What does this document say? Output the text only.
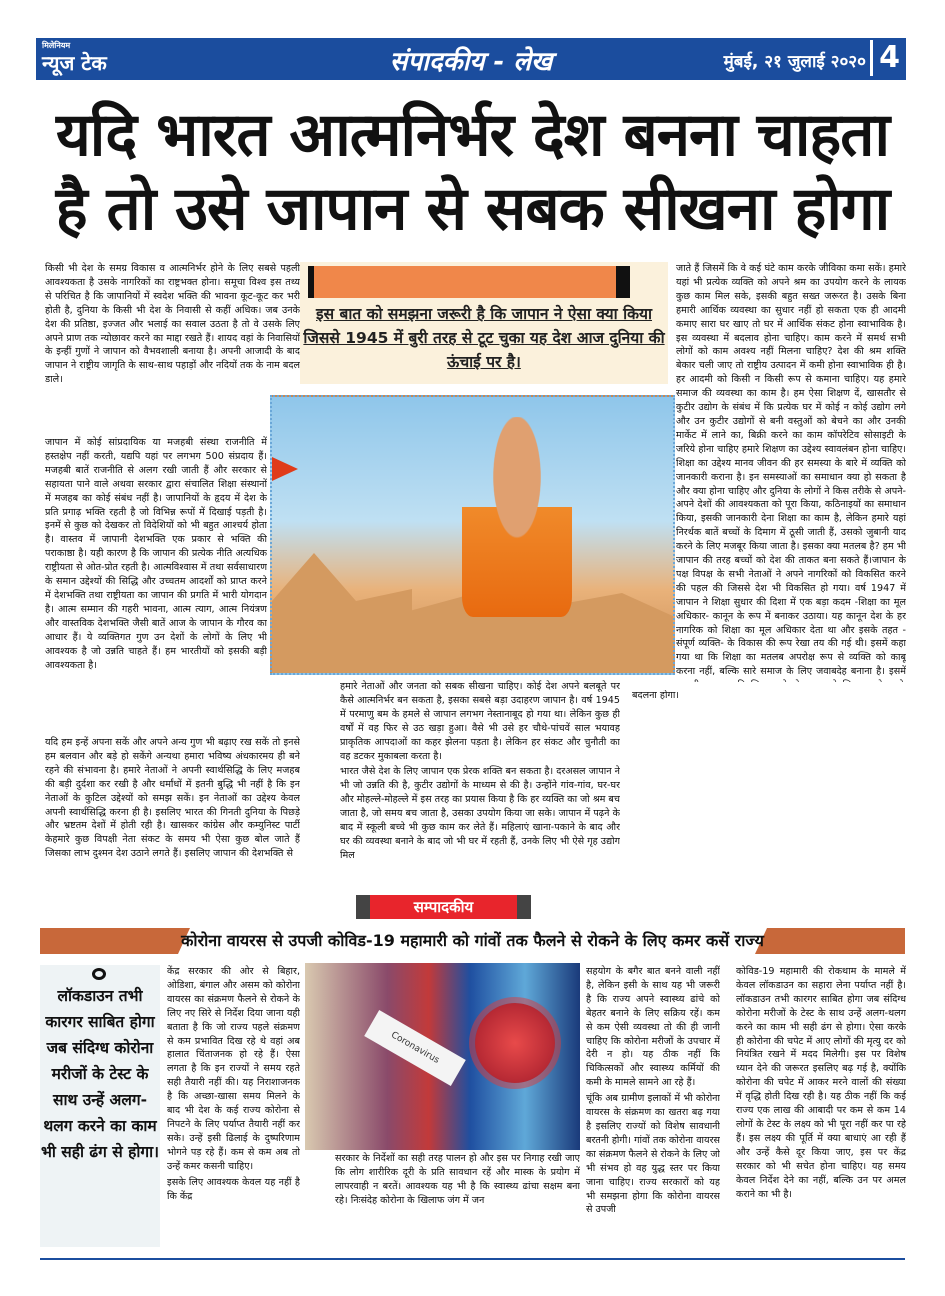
मिलेनियम
न्यूज टेक	संपादकीय - लेख	मुंबई, २१ जुलाई २०२० 4
यदि भारत आत्मनिर्भर देश बनना चाहता
है तो उसे जापान से सबक सीखना होगा

किसी भी देश के समग्र विकास व आत्मनिर्भर होने के लिए सबसे पहली आवश्यकता है उसके नागरिकों का राष्ट्रभक्त होना। समूचा विश्व इस तथ्य से परिचित है कि जापानियों में स्वदेश भक्ति की भावना कूट-कूट कर भरी होती है, दुनिया के किसी भी देश के निवासी से कहीं अधिक। जब उनके देश की प्रतिष्ठा, इज्जत और भलाई का सवाल उठता है तो वे उसके लिए अपने प्राण तक न्योछावर करने का माद्दा रखते हैं। शायद वहां के निवासियों के इन्हीं गुणों ने जापान को वैभवशाली बनाया है। अपनी आजादी के बाद जापान ने राष्ट्रीय जागृति के साथ-साथ पहाड़ों और नदियों तक के नाम बदल डाले।

जापान में कोई सांप्रदायिक या मजहबी संस्था राजनीति में हस्तक्षेप नहीं करती, यद्यपि यहां पर लगभग 500 संप्रदाय हैं। मजहबी बातें राजनीति से अलग रखी जाती हैं और सरकार से सहायता पाने वाले अथवा सरकार द्वारा संचालित शिक्षा संस्थानों में मजहब का कोई संबंध नहीं है। जापानियों के हृदय में देश के प्रति प्रगाढ़ भक्ति रहती है जो विभिन्न रूपों में दिखाई पड़ती है। इनमें से कुछ को देखकर तो विदेशियों को भी बहुत आश्चर्य होता है। वास्तव में जापानी देशभक्ति एक प्रकार से भक्ति की पराकाष्ठा है। यही कारण है कि जापान की प्रत्येक नीति अत्यधिक राष्ट्रीयता से ओत-प्रोत रहती है। आत्मविश्वास में तथा सर्वसाधारण के समान उद्देश्यों की सिद्धि और उच्चतम आदर्शों को प्राप्त करने में देशभक्ति तथा राष्ट्रीयता का जापान की प्रगति में भारी योगदान है। आत्म सम्मान की गहरी भावना, आत्म त्याग, आत्म नियंत्रण और वास्तविक देशभक्ति जैसी बातें आज के जापान के गौरव का आधार हैं। ये व्यक्तिगत गुण उन देशों के लोगों के लिए भी आवश्यक है जो उन्नति चाहते हैं। हम भारतीयों को इसकी बड़ी आवश्यकता है।

यदि हम इन्हें अपना सकें और अपने अन्य गुण भी बढ़ाए रख सकें तो इनसे हम बलवान और बड़े हो सकेंगे अन्यथा हमारा भविष्य अंधकारमय ही बने रहने की संभावना है। हमारे नेताओं ने अपनी स्वार्थसिद्धि के लिए मजहब की बड़ी दुर्दशा कर रखी है और धर्मांधों में इतनी बुद्धि भी नहीं है कि इन नेताओं के कुटिल उद्देश्यों को समझ सकें। इन नेताओं का उद्देश्य केवल अपनी स्वार्थसिद्धि करना ही है। इसलिए भारत की गिनती दुनिया के पिछड़े और भ्रष्टतम देशों में होती रही है। खासकर कांग्रेस और कम्युनिस्ट पार्टी केहमारे कुछ विपक्षी नेता संकट के समय भी ऐसा कुछ बोल जाते हैं जिसका लाभ दुश्मन देश उठाने लगते हैं। इसलिए जापान की देशभक्ति से

इस बात को समझना जरूरी है कि जापान ने ऐसा क्या किया जिससे 1945 में बुरी तरह से टूट चुका यह देश आज दुनिया की ऊंचाई पर है।

हमारे नेताओं और जनता को सबक सीखना चाहिए। कोई देश अपने बलबूते पर कैसे आत्मनिर्भर बन सकता है, इसका सबसे बड़ा उदाहरण जापान है। वर्ष 1945 में परमाणु बम के हमले से जापान लगभग नेस्तानाबूद हो गया था। लेकिन कुछ ही वर्षों में वह फिर से उठ खड़ा हुआ। वैसे भी उसे हर चौथे-पांचवें साल भयावह प्राकृतिक आपदाओं का कहर झेलना पड़ता है। लेकिन हर संकट और चुनौती का वह डटकर मुकाबला करता है।

भारत जैसे देश के लिए जापान एक प्रेरक शक्ति बन सकता है। दरअसल जापान ने भी जो उन्नति की है, कुटीर उद्योगों के माध्यम से की है। उन्होंने गांव-गांव, घर-घर और मोहल्ले-मोहल्ले में इस तरह का प्रयास किया है कि हर व्यक्ति का जो श्रम बच जाता है, जो समय बच जाता है, उसका उपयोग किया जा सके। जापान में पढ़ने के बाद में स्कूली बच्चे भी कुछ काम कर लेते हैं। महिलाएं खाना-पकाने के बाद और घर की व्यवस्था बनाने के बाद जो भी घर में रहती हैं, उनके लिए भी ऐसे गृह उद्योग मिल

जाते हैं जिसमें कि वे कई घंटे काम करके जीविका कमा सकें। हमारे यहां भी प्रत्येक व्यक्ति को अपने श्रम का उपयोग करने के लायक कुछ काम मिल सके, इसकी बहुत सख्त जरूरत है। उसके बिना हमारी आर्थिक व्यवस्था का सुधार नहीं हो सकता एक ही आदमी कमाए सारा घर खाए तो घर में आर्थिक संकट होना स्वाभाविक है। इस व्यवस्था में बदलाव होना चाहिए। काम करने में समर्थ सभी लोगों को काम अवश्य नहीं मिलना चाहिए? देश की श्रम शक्ति बेकार चली जाए तो राष्ट्रीय उत्पादन में कमी होना स्वाभाविक ही है। हर आदमी को किसी न किसी रूप से कमाना चाहिए। यह हमारे समाज की व्यवस्था का काम है। हम ऐसा शिक्षण दें, खासतौर से कुटीर उद्योग के संबंध में कि प्रत्येक घर में कोई न कोई उद्योग लगे और उन कुटीर उद्योगों से बनी वस्तुओं को बेचने का और उनकी मार्केट में लाने का, बिक्री करने का काम कॉपरेटिव सोसाइटी के जरिये होना चाहिए हमारे शिक्षण का उद्देश्य स्वावलंबन होना चाहिए। शिक्षा का उद्देश्य मानव जीवन की हर समस्या के बारे में व्यक्ति को जानकारी कराना है। इन समस्याओं का समाधान क्या हो सकता है और क्या होना चाहिए और दुनिया के लोगों ने किस तरीके से अपने-अपने देशों की आवश्यकता को पूरा किया, कठिनाइयों का समाधान किया, इसकी जानकारी देना शिक्षा का काम है, लेकिन हमारे यहां निरर्थक बातें बच्चों के दिमाग में ठूसी जाती हैं, उसको जुबानी याद करने के लिए मजबूर किया जाता है। इसका क्या मतलब है? हम भी जापान की तरह बच्चों को देश की ताकत बना सकते हैं।जापान के पक्ष विपक्ष के सभी नेताओं ने अपने नागरिकों को विकसित करने की पहल की जिससे देश भी विकसित हो गया। वर्ष 1947 में जापान ने शिक्षा सुधार की दिशा में एक बड़ा कदम -शिक्षा का मूल अधिकार- कानून के रूप में बनाकर उठाया। यह कानून देश के हर नागरिक को शिक्षा का मूल अधिकार देता था और इसके तहत - संपूर्ण व्यक्ति- के विकास की रूप रेखा तय की गई थी। इसमें कहा गया था कि शिक्षा का मतलब अपरोक्ष रूप से व्यक्ति को काबू करना नहीं, बल्कि सारे समाज के लिए जवाबदेह बनाना है। इसमें

बदलना होगा।

सम्पादकीय
कोरोना वायरस से उपजी कोविड-19 महामारी को गांवों तक फैलने से रोकने के लिए कमर कसें राज्य
लॉकडाउन तभी कारगर साबित होगा जब संदिग्ध कोरोना मरीजों के टेस्ट के साथ उन्हें अलग-थलग करने का काम भी सही ढंग से होगा।

केंद्र सरकार की ओर से बिहार, ओडिशा, बंगाल और असम को कोरोना वायरस का संक्रमण फैलने से रोकने के लिए नए सिरे से निर्देश दिया जाना यही बताता है कि जो राज्य पहले संक्रमण से कम प्रभावित दिख रहे थे वहां अब हालात चिंताजनक हो रहे हैं। ऐसा लगता है कि इन राज्यों ने समय रहते सही तैयारी नहीं की। यह निराशाजनक है कि अच्छा-खासा समय मिलने के बाद भी देश के कई राज्य कोरोना से निपटने के लिए पर्याप्त तैयारी नहीं कर सके। उन्हें इसी ढिलाई के दुष्परिणाम भोगने पड़ रहे हैं। कम से कम अब तो उन्हें कमर कसनी चाहिए।

इसके लिए आवश्यक केवल यह नहीं है कि केंद्र

Coronavirus

सरकार के निर्देशों का सही तरह पालन हो और इस पर निगाह रखी जाए कि लोग शारीरिक दूरी के प्रति सावधान रहें और मास्क के प्रयोग में लापरवाही न बरतें। आवश्यक यह भी है कि स्वास्थ्य ढांचा सक्षम बना रहे। निःसंदेह कोरोना के खिलाफ जंग में जन

सहयोग के बगैर बात बनने वाली नहीं है, लेकिन इसी के साथ यह भी जरूरी है कि राज्य अपने स्वास्थ्य ढांचे को बेहतर बनाने के लिए सक्रिय रहें। कम से कम ऐसी व्यवस्था तो की ही जानी चाहिए कि कोरोना मरीजों के उपचार में देरी न हो। यह ठीक नहीं कि चिकित्सकों और स्वास्थ्य कर्मियों की कमी के मामले सामने आ रहे हैं।

चूंकि अब ग्रामीण इलाकों में भी कोरोना वायरस के संक्रमण का खतरा बढ़ गया है इसलिए राज्यों को विशेष सावधानी बरतनी होगी। गांवों तक कोरोना वायरस का संक्रमण फैलने से रोकने के लिए जो भी संभव हो वह युद्ध स्तर पर किया जाना चाहिए। राज्य सरकारों को यह भी समझना होगा कि कोरोना वायरस से उपजी

कोविड-19 महामारी की रोकथाम के मामले में केवल लॉकडाउन का सहारा लेना पर्याप्त नहीं है। लॉकडाउन तभी कारगर साबित होगा जब संदिग्ध कोरोना मरीजों के टेस्ट के साथ उन्हें अलग-थलग करने का काम भी सही ढंग से होगा। ऐसा करके ही कोरोना की चपेट में आए लोगों की मृत्यु दर को नियंत्रित रखने में मदद मिलेगी। इस पर विशेष ध्यान देने की जरूरत इसलिए बढ़ गई है, क्योंकि कोरोना की चपेट में आकर मरने वालों की संख्या में वृद्धि होती दिख रही है। यह ठीक नहीं कि कई राज्य एक लाख की आबादी पर कम से कम 14 लोगों के टेस्ट के लक्ष्य को भी पूरा नहीं कर पा रहे हैं। इस लक्ष्य की पूर्ति में क्या बाधाएं आ रही हैं और उन्हें कैसे दूर किया जाए, इस पर केंद्र सरकार को भी सचेत होना चाहिए। यह समय केवल निर्देश देने का नहीं, बल्कि उन पर अमल कराने का भी है।
